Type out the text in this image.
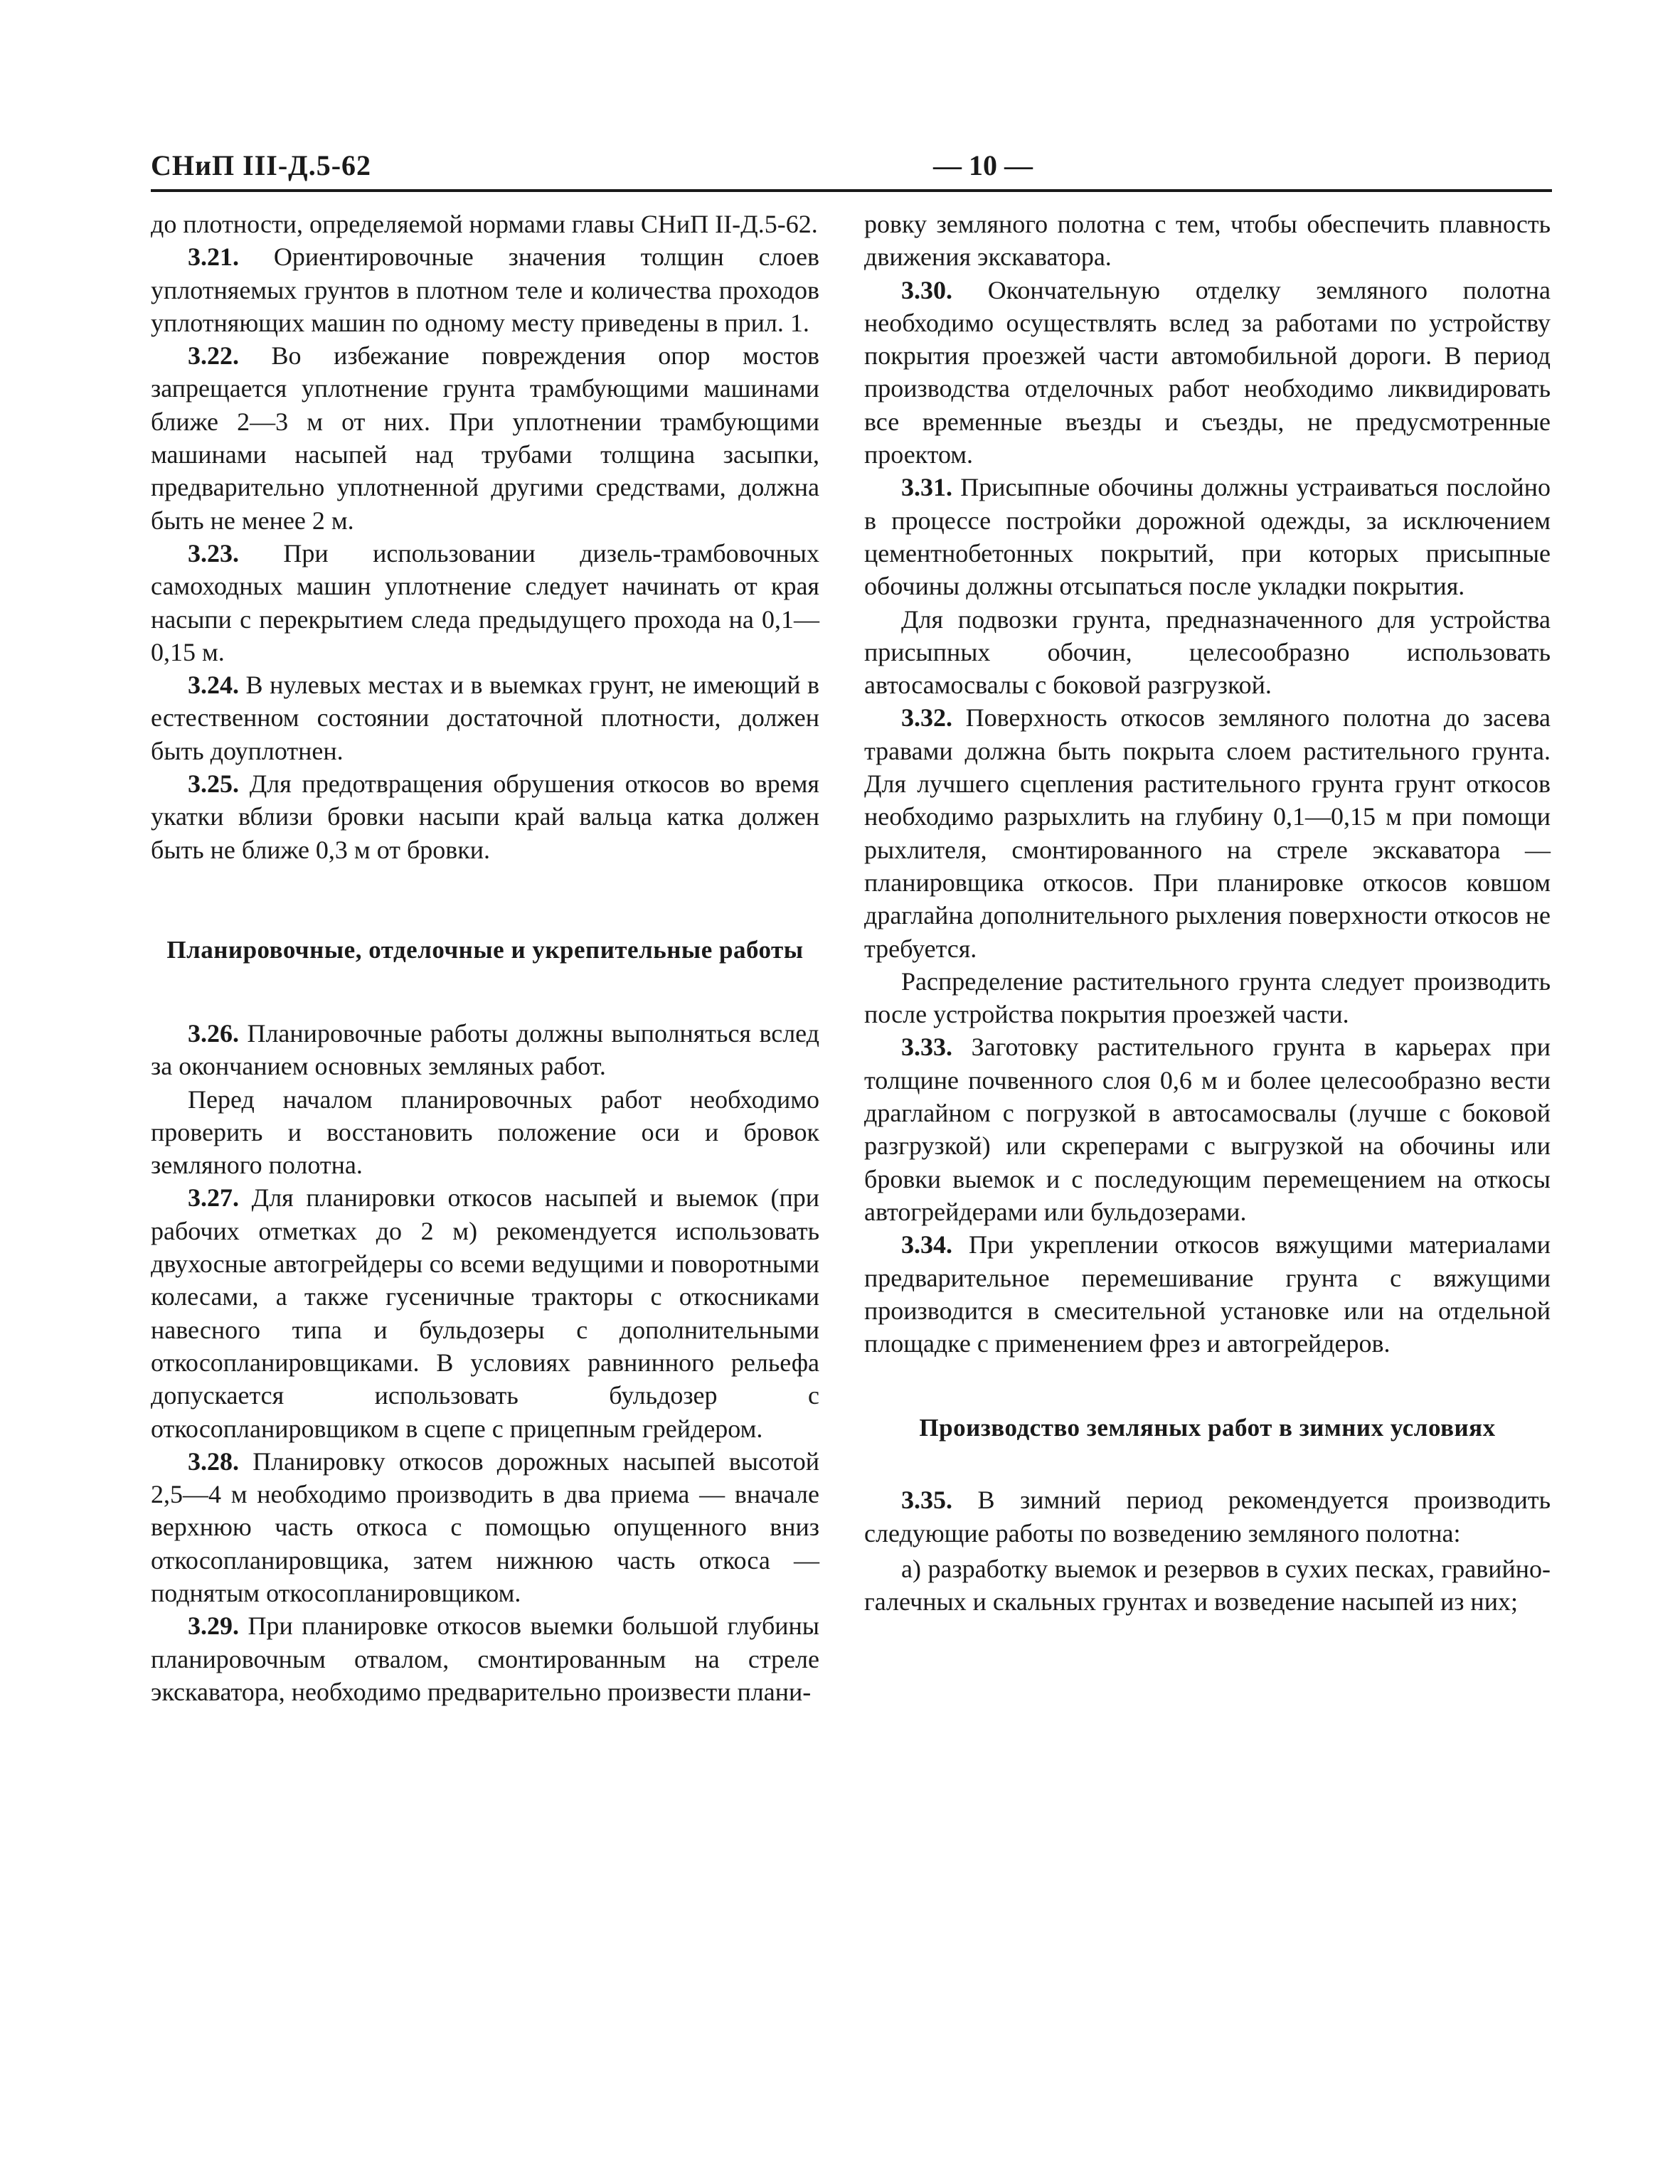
СНиП III-Д.5-62	— 10 —

до плотности, определяемой нормами главы СНиП II-Д.5-62.

3.21. Ориентировочные значения толщин слоев уплотняемых грунтов в плотном теле и количества проходов уплотняющих машин по одному месту приведены в прил. 1.

3.22. Во избежание повреждения опор мостов запрещается уплотнение грунта трамбующими машинами ближе 2—3 м от них. При уплотнении трамбующими машинами насыпей над трубами толщина засыпки, предварительно уплотненной другими средствами, должна быть не менее 2 м.

3.23. При использовании дизель-трамбовочных самоходных машин уплотнение следует начинать от края насыпи с перекрытием следа предыдущего прохода на 0,1—0,15 м.

3.24. В нулевых местах и в выемках грунт, не имеющий в естественном состоянии достаточной плотности, должен быть доуплотнен.

3.25. Для предотвращения обрушения откосов во время укатки вблизи бровки насыпи край вальца катка должен быть не ближе 0,3 м от бровки.

Планировочные, отделочные и укрепительные работы

3.26. Планировочные работы должны выполняться вслед за окончанием основных земляных работ.

Перед началом планировочных работ необходимо проверить и восстановить положение оси и бровок земляного полотна.

3.27. Для планировки откосов насыпей и выемок (при рабочих отметках до 2 м) рекомендуется использовать двухосные автогрейдеры со всеми ведущими и поворотными колесами, а также гусеничные тракторы с откосниками навесного типа и бульдозеры с дополнительными откосопланировщиками. В условиях равнинного рельефа допускается использовать бульдозер с откосопланировщиком в сцепе с прицепным грейдером.

3.28. Планировку откосов дорожных насыпей высотой 2,5—4 м необходимо производить в два приема — вначале верхнюю часть откоса с помощью опущенного вниз откосопланировщика, затем нижнюю часть откоса — поднятым откосопланировщиком.

3.29. При планировке откосов выемки большой глубины планировочным отвалом, смонтированным на стреле экскаватора, необходимо предварительно произвести плани-

ровку земляного полотна с тем, чтобы обеспечить плавность движения экскаватора.

3.30. Окончательную отделку земляного полотна необходимо осуществлять вслед за работами по устройству покрытия проезжей части автомобильной дороги. В период производства отделочных работ необходимо ликвидировать все временные въезды и съезды, не предусмотренные проектом.

3.31. Присыпные обочины должны устраиваться послойно в процессе постройки дорожной одежды, за исключением цементнобетонных покрытий, при которых присыпные обочины должны отсыпаться после укладки покрытия.

Для подвозки грунта, предназначенного для устройства присыпных обочин, целесообразно использовать автосамосвалы с боковой разгрузкой.

3.32. Поверхность откосов земляного полотна до засева травами должна быть покрыта слоем растительного грунта. Для лучшего сцепления растительного грунта грунт откосов необходимо разрыхлить на глубину 0,1—0,15 м при помощи рыхлителя, смонтированного на стреле экскаватора — планировщика откосов. При планировке откосов ковшом драглайна дополнительного рыхления поверхности откосов не требуется.

Распределение растительного грунта следует производить после устройства покрытия проезжей части.

3.33. Заготовку растительного грунта в карьерах при толщине почвенного слоя 0,6 м и более целесообразно вести драглайном с погрузкой в автосамосвалы (лучше с боковой разгрузкой) или скреперами с выгрузкой на обочины или бровки выемок и с последующим перемещением на откосы автогрейдерами или бульдозерами.

3.34. При укреплении откосов вяжущими материалами предварительное перемешивание грунта с вяжущими производится в смесительной установке или на отдельной площадке с применением фрез и автогрейдеров.

Производство земляных работ в зимних условиях

3.35. В зимний период рекомендуется производить следующие работы по возведению земляного полотна:

а) разработку выемок и резервов в сухих песках, гравийно-галечных и скальных грунтах и возведение насыпей из них;
